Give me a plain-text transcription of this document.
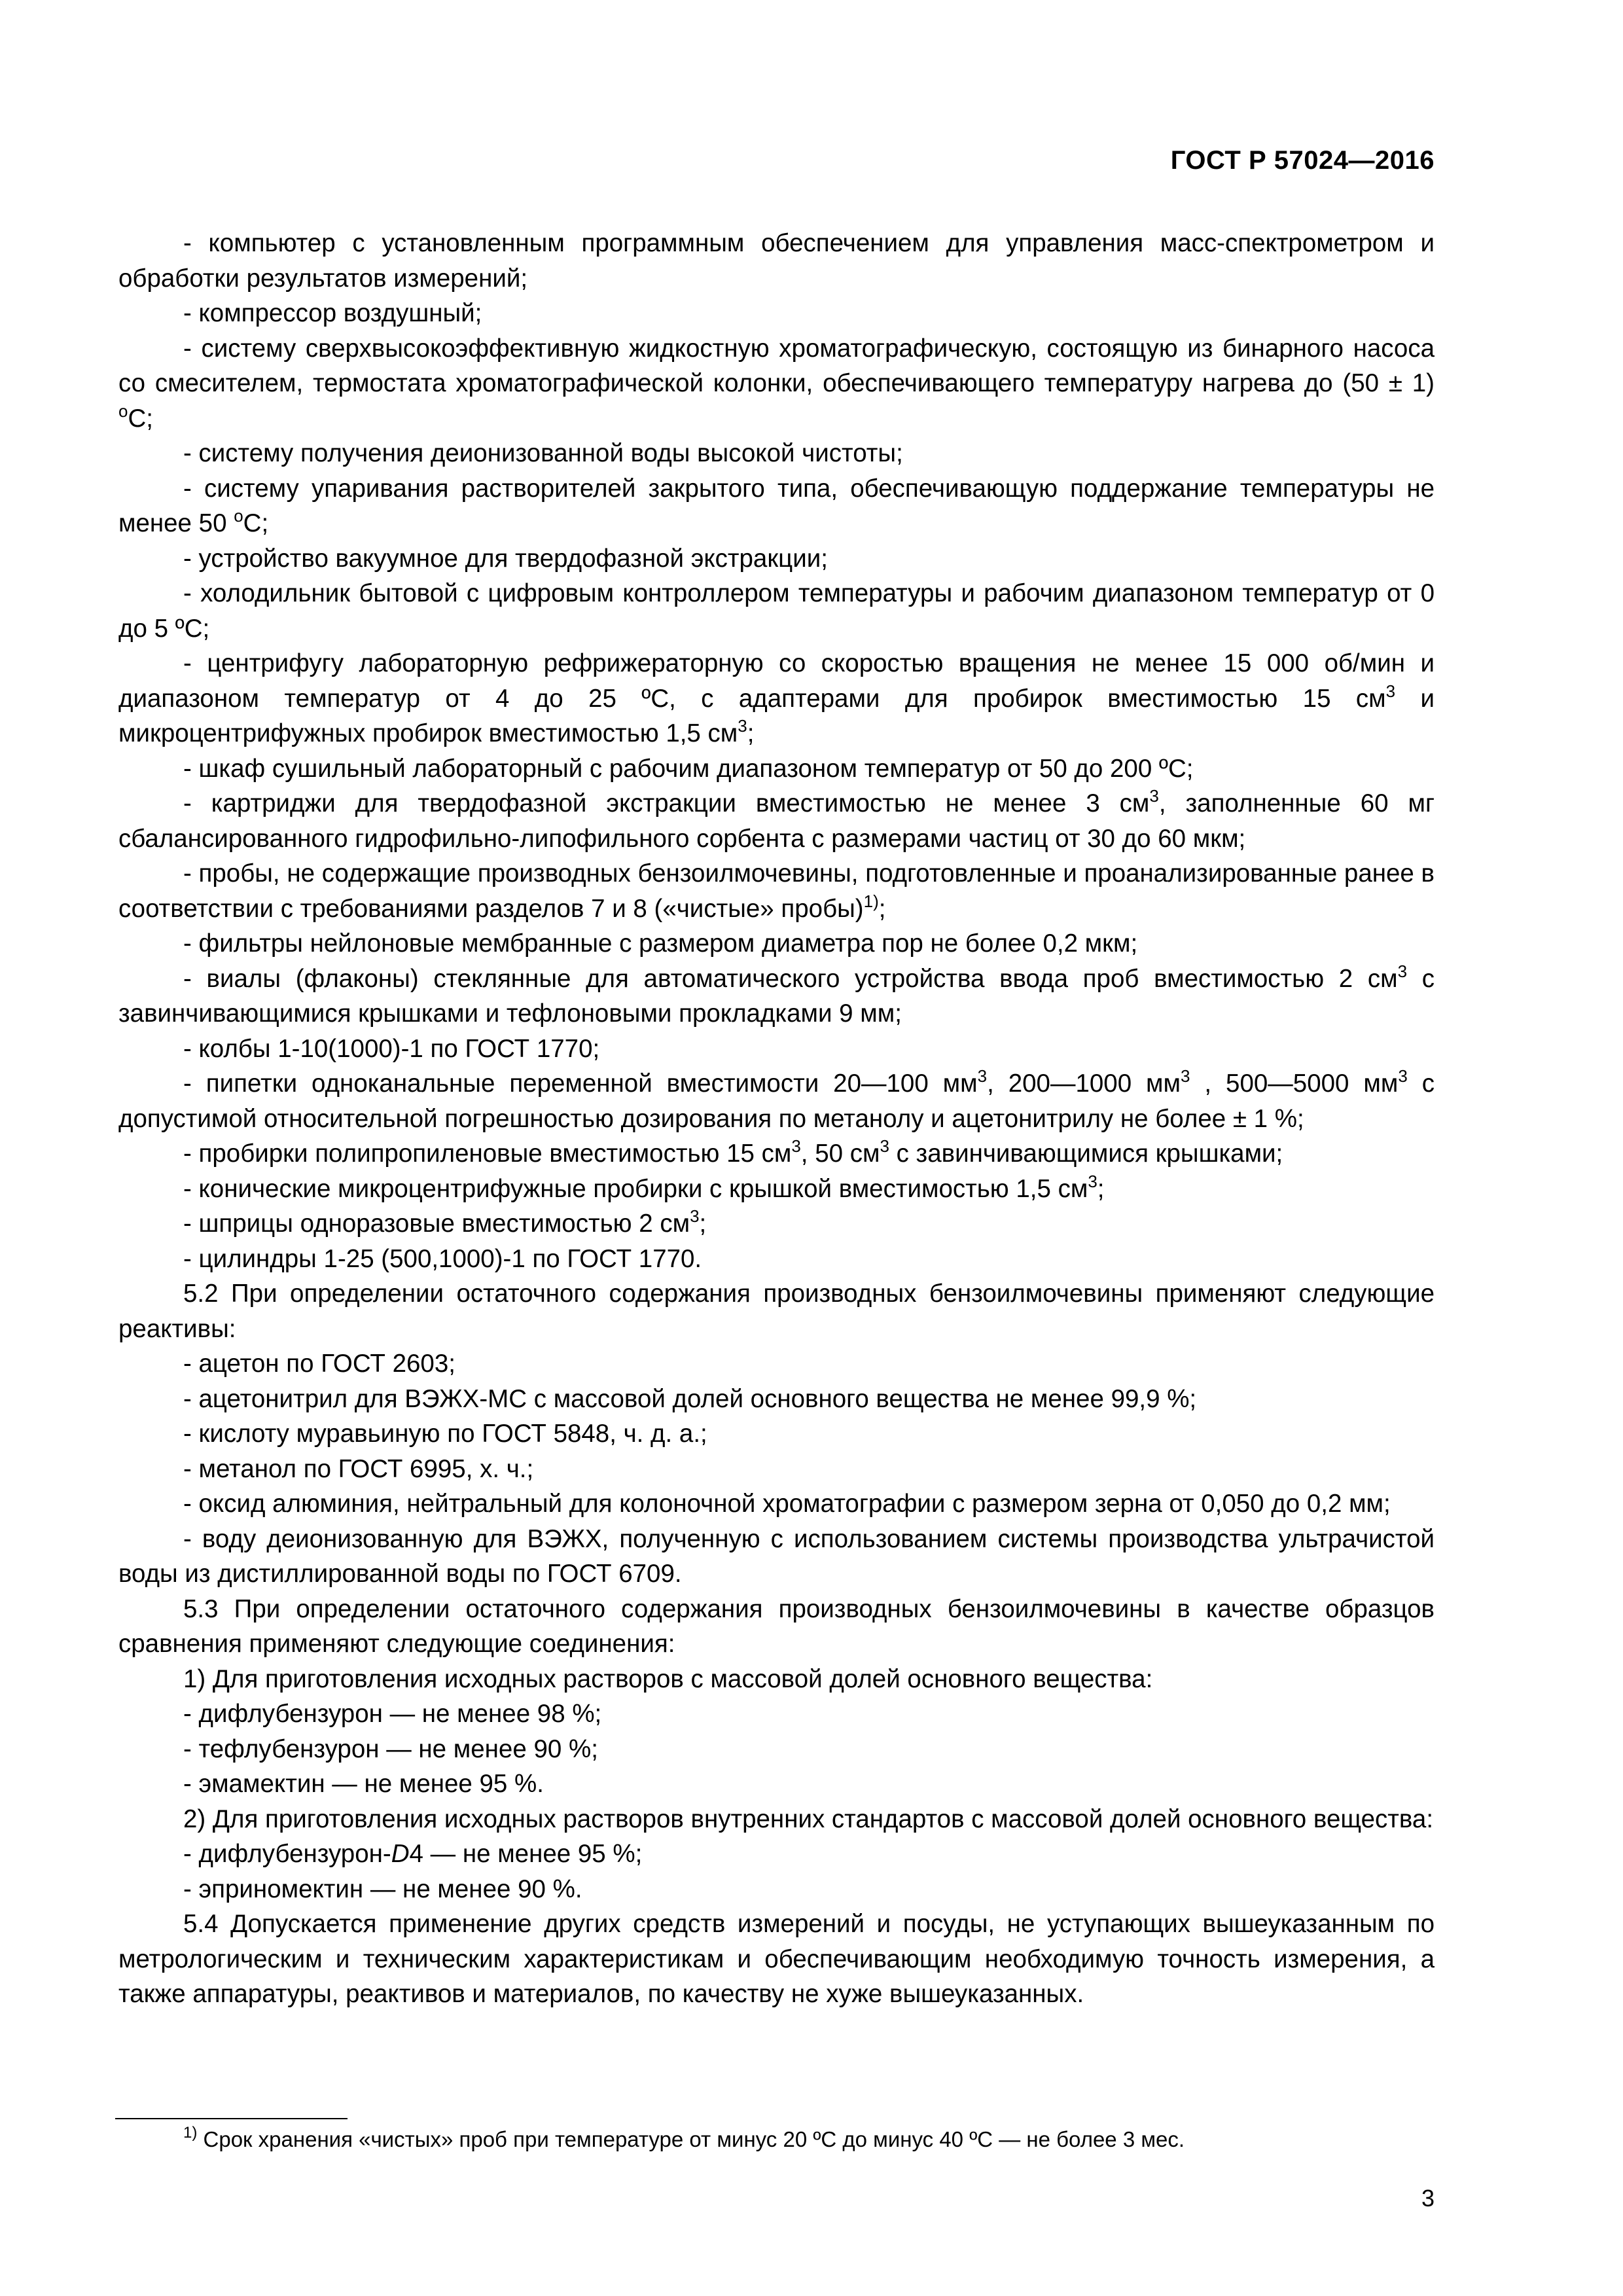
ГОСТ Р 57024—2016

- компьютер с установленным программным обеспечением для управления масс-спектрометром и обработки результатов измерений;

- компрессор воздушный;

- систему сверхвысокоэффективную жидкостную хроматографическую, состоящую из бинарного насоса со смесителем, термостата хроматографической колонки, обеспечивающего температуру нагрева до (50 ± 1) $^о$С;

- систему получения деионизованной воды высокой чистоты;

- систему упаривания растворителей закрытого типа, обеспечивающую поддержание температуры не менее 50 $^о$С;

- устройство вакуумное для твердофазной экстракции;

- холодильник бытовой с цифровым контроллером температуры и рабочим диапазоном температур от 0 до 5 ºС;

- центрифугу лабораторную рефрижераторную со скоростью вращения не менее 15 000 об/мин и диапазоном температур от 4 до 25 ºС, с адаптерами для пробирок вместимостью 15 $см^3$ и микроцентрифужных пробирок вместимостью 1,5 $см^3$;

- шкаф сушильный лабораторный с рабочим диапазоном температур от 50 до 200 ºС;

- картриджи для твердофазной экстракции вместимостью не менее 3 $см^3$, заполненные 60 мг сбалансированного гидрофильно-липофильного сорбента с размерами частиц от 30 до 60 мкм;

- пробы, не содержащие производных бензоилмочевины, подготовленные и проанализированные ранее в соответствии с требованиями разделов 7 и 8 («чистые» пробы)$^{1)}$;

- фильтры нейлоновые мембранные с размером диаметра пор не более 0,2 мкм;

- виалы (флаконы) стеклянные для автоматического устройства ввода проб вместимостью 2 $см^3$ с завинчивающимися крышками и тефлоновыми прокладками 9 мм;

- колбы 1-10(1000)-1 по ГОСТ 1770;

- пипетки одноканальные переменной вместимости 20—100 $мм^3$, 200—1000 $мм^3$ , 500—5000 $мм^3$ с допустимой относительной погрешностью дозирования по метанолу и ацетонитрилу не более ± 1 %;

- пробирки полипропиленовые вместимостью 15 $см^3$, 50 $см^3$ с завинчивающимися крышками;

- конические микроцентрифужные пробирки с крышкой вместимостью 1,5 $см^3$;

- шприцы одноразовые вместимостью 2 $см^3$;

- цилиндры 1-25 (500,1000)-1 по ГОСТ 1770.

5.2 При определении остаточного содержания производных бензоилмочевины применяют следующие реактивы:

- ацетон по ГОСТ 2603;

- ацетонитрил для ВЭЖХ-МС с массовой долей основного вещества не менее 99,9 %;

- кислоту муравьиную по ГОСТ 5848, ч. д. а.;

- метанол по ГОСТ 6995, х. ч.;

- оксид алюминия, нейтральный для колоночной хроматографии с размером зерна от 0,050 до 0,2 мм;

- воду деионизованную для ВЭЖХ, полученную с использованием системы производства ультрачистой воды из дистиллированной воды по ГОСТ 6709.

5.3 При определении остаточного содержания производных бензоилмочевины в качестве образцов сравнения применяют следующие соединения:

1) Для приготовления исходных растворов с массовой долей основного вещества:

- дифлубензурон — не менее 98 %;

- тефлубензурон — не менее 90 %;

- эмамектин — не менее 95 %.

2) Для приготовления исходных растворов внутренних стандартов с массовой долей основного вещества:

- дифлубензурон-D4 — не менее 95 %;

- эприномектин — не менее 90 %.

5.4 Допускается применение других средств измерений и посуды, не уступающих вышеуказанным по метрологическим и техническим характеристикам и обеспечивающим необходимую точность измерения, а также аппаратуры, реактивов и материалов, по качеству не хуже вышеуказанных.

$^{1)}$ Срок хранения «чистых» проб при температуре от минус 20 ºС до минус 40 ºС — не более 3 мес.
3
